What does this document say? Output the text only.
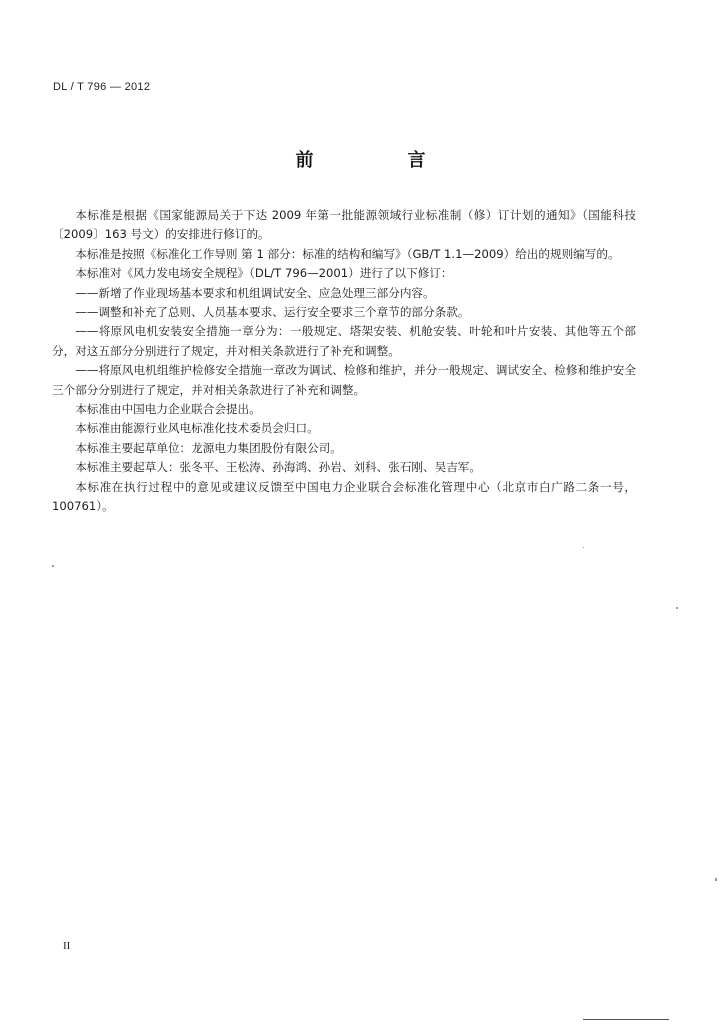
DL / T 796 — 2012
前　言

本标准是根据《国家能源局关于下达 2009 年第一批能源领域行业标准制（修）订计划的通知》（国能科技〔2009〕163 号文）的安排进行修订的。

本标准是按照《标准化工作导则 第 1 部分：标准的结构和编写》（GB/T 1.1—2009）给出的规则编写的。

本标准对《风力发电场安全规程》（DL/T 796—2001）进行了以下修订：

——新增了作业现场基本要求和机组调试安全、应急处理三部分内容。

——调整和补充了总则、人员基本要求、运行安全要求三个章节的部分条款。

——将原风电机安装安全措施一章分为：一般规定、塔架安装、机舱安装、叶轮和叶片安装、其他等五个部分，对这五部分分别进行了规定，并对相关条款进行了补充和调整。

——将原风电机组维护检修安全措施一章改为调试、检修和维护，并分一般规定、调试安全、检修和维护安全三个部分分别进行了规定，并对相关条款进行了补充和调整。

本标准由中国电力企业联合会提出。

本标准由能源行业风电标准化技术委员会归口。

本标准主要起草单位：龙源电力集团股份有限公司。

本标准主要起草人：张冬平、王松涛、孙海鸿、孙岩、刘科、张石刚、吴吉军。

本标准在执行过程中的意见或建议反馈至中国电力企业联合会标准化管理中心（北京市白广路二条一号，100761）。

II
